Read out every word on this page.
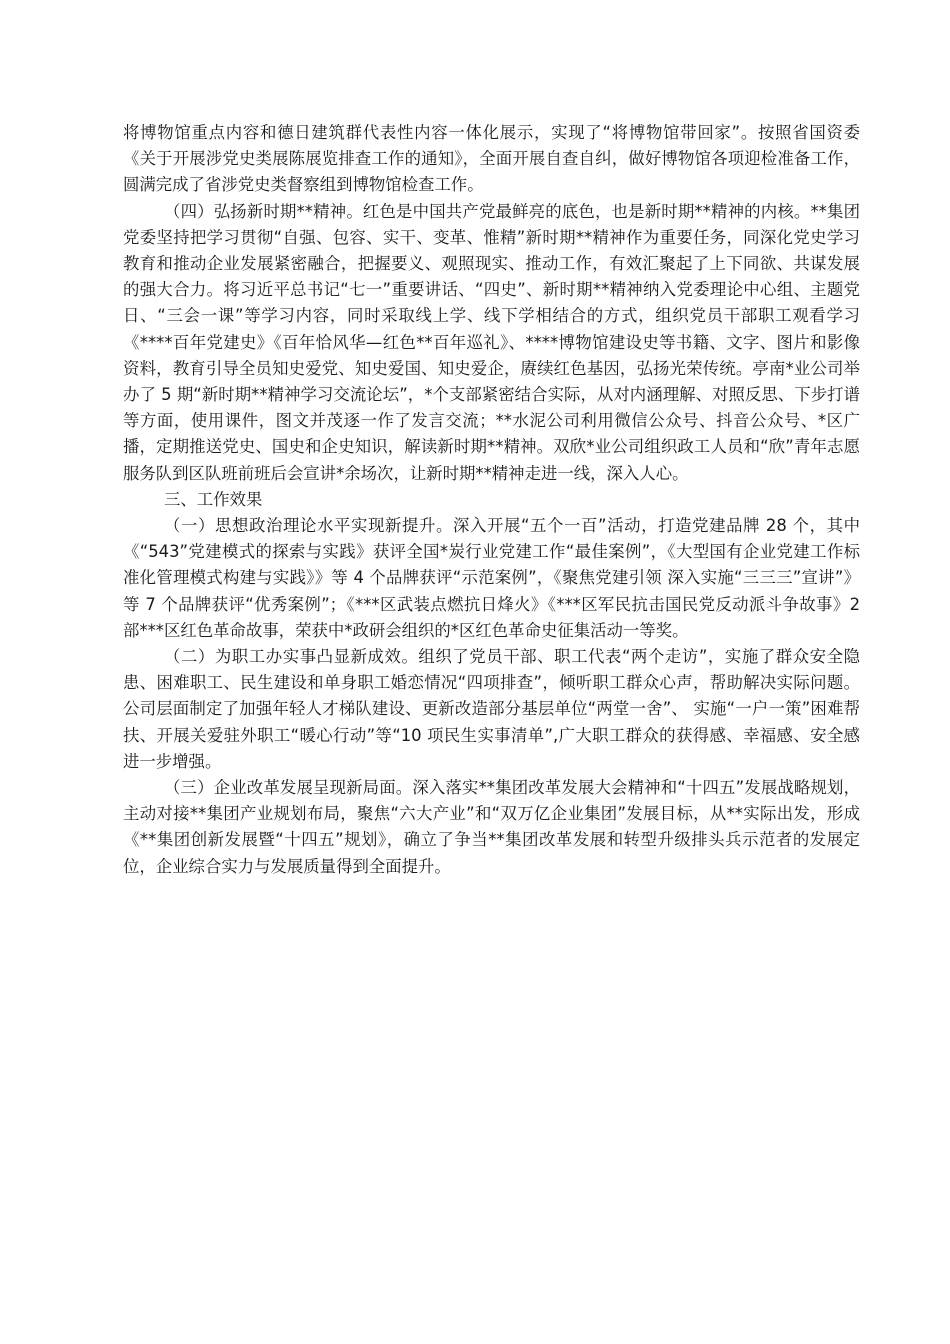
将博物馆重点内容和德日建筑群代表性内容一体化展示，实现了“将博物馆带回家”。按照省国资委《关于开展涉党史类展陈展览排查工作的通知》，全面开展自查自纠，做好博物馆各项迎检准备工作，圆满完成了省涉党史类督察组到博物馆检查工作。

（四）弘扬新时期**精神。红色是中国共产党最鲜亮的底色，也是新时期**精神的内核。**集团党委坚持把学习贯彻“自强、包容、实干、变革、惟精”新时期**精神作为重要任务，同深化党史学习教育和推动企业发展紧密融合，把握要义、观照现实、推动工作，有效汇聚起了上下同欲、共谋发展的强大合力。将习近平总书记“七一”重要讲话、“四史”、新时期**精神纳入党委理论中心组、主题党日、“三会一课”等学习内容，同时采取线上学、线下学相结合的方式，组织党员干部职工观看学习《****百年党建史》《百年恰风华—红色**百年巡礼》、****博物馆建设史等书籍、文字、图片和影像资料，教育引导全员知史爱党、知史爱国、知史爱企，赓续红色基因，弘扬光荣传统。亭南*业公司举办了 5 期“新时期**精神学习交流论坛”，*个支部紧密结合实际，从对内涵理解、对照反思、下步打谱等方面，使用课件，图文并茂逐一作了发言交流；**水泥公司利用微信公众号、抖音公众号、*区广播，定期推送党史、国史和企史知识，解读新时期**精神。双欣*业公司组织政工人员和“欣”青年志愿服务队到区队班前班后会宣讲*余场次，让新时期**精神走进一线，深入人心。

三、工作效果

（一）思想政治理论水平实现新提升。深入开展“五个一百”活动，打造党建品牌 28 个，其中《“543”党建模式的探索与实践》获评全国*炭行业党建工作“最佳案例”，《大型国有企业党建工作标准化管理模式构建与实践》》等 4 个品牌获评“示范案例”，《聚焦党建引领 深入实施“三三三”宣讲”》等 7 个品牌获评“优秀案例”；《***区武装点燃抗日烽火》《***区军民抗击国民党反动派斗争故事》2 部***区红色革命故事，荣获中*政研会组织的*区红色革命史征集活动一等奖。

（二）为职工办实事凸显新成效。组织了党员干部、职工代表“两个走访”，实施了群众安全隐患、困难职工、民生建设和单身职工婚恋情况“四项排查”，倾听职工群众心声，帮助解决实际问题。公司层面制定了加强年轻人才梯队建设、更新改造部分基层单位“两堂一舍”、 实施“一户一策”困难帮扶、开展关爱驻外职工“暖心行动”等“10 项民生实事清单”,广大职工群众的获得感、幸福感、安全感进一步增强。

（三）企业改革发展呈现新局面。深入落实**集团改革发展大会精神和“十四五”发展战略规划，主动对接**集团产业规划布局，聚焦“六大产业”和“双万亿企业集团”发展目标，从**实际出发，形成《**集团创新发展暨“十四五”规划》，确立了争当**集团改革发展和转型升级排头兵示范者的发展定位，企业综合实力与发展质量得到全面提升。
